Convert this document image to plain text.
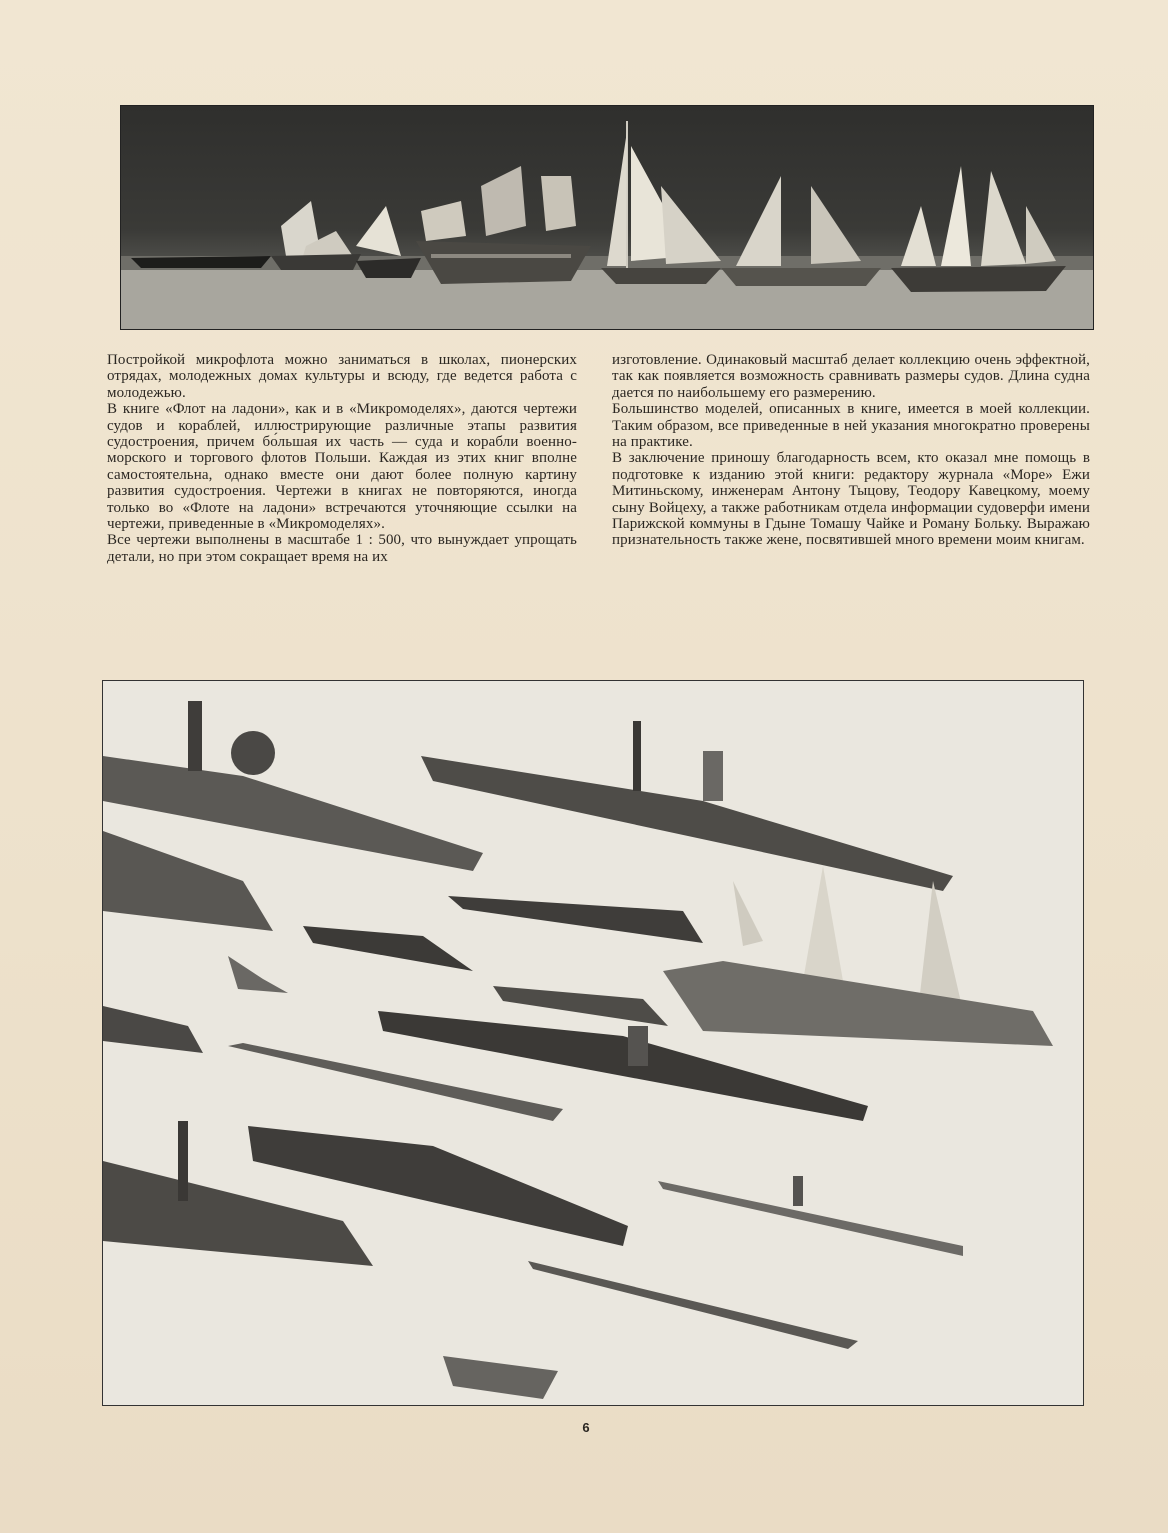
Постройкой микрофлота можно заниматься в школах, пионерских отрядах, молодежных домах культуры и всюду, где ведется работа с молодежью.

В книге «Флот на ладони», как и в «Микромоделях», даются чертежи судов и кораблей, иллюстрирующие различные этапы развития судостроения, причем бо́льшая их часть — суда и корабли военно-морского и торгового флотов Польши. Каждая из этих книг вполне самостоятельна, однако вместе они дают более полную картину развития судостроения. Чертежи в книгах не повторяются, иногда только во «Флоте на ладони» встречаются уточняющие ссылки на чертежи, приведенные в «Микромоделях».

Все чертежи выполнены в масштабе 1 : 500, что вынуждает упрощать детали, но при этом сокращает время на их

изготовление. Одинаковый масштаб делает коллекцию очень эффектной, так как появляется возможность сравнивать размеры судов. Длина судна дается по наибольшему его размерению.

Большинство моделей, описанных в книге, имеется в моей коллекции. Таким образом, все приведенные в ней указания многократно проверены на практике.

В заключение приношу благодарность всем, кто оказал мне помощь в подготовке к изданию этой книги: редактору журнала «Море» Ежи Митиньскому, инженерам Антону Тыцову, Теодору Кавецкому, моему сыну Войцеху, а также работникам отдела информации судоверфи имени Парижской коммуны в Гдыне Томашу Чайке и Роману Больку. Выражаю признательность также жене, посвятившей много времени моим книгам.

6
